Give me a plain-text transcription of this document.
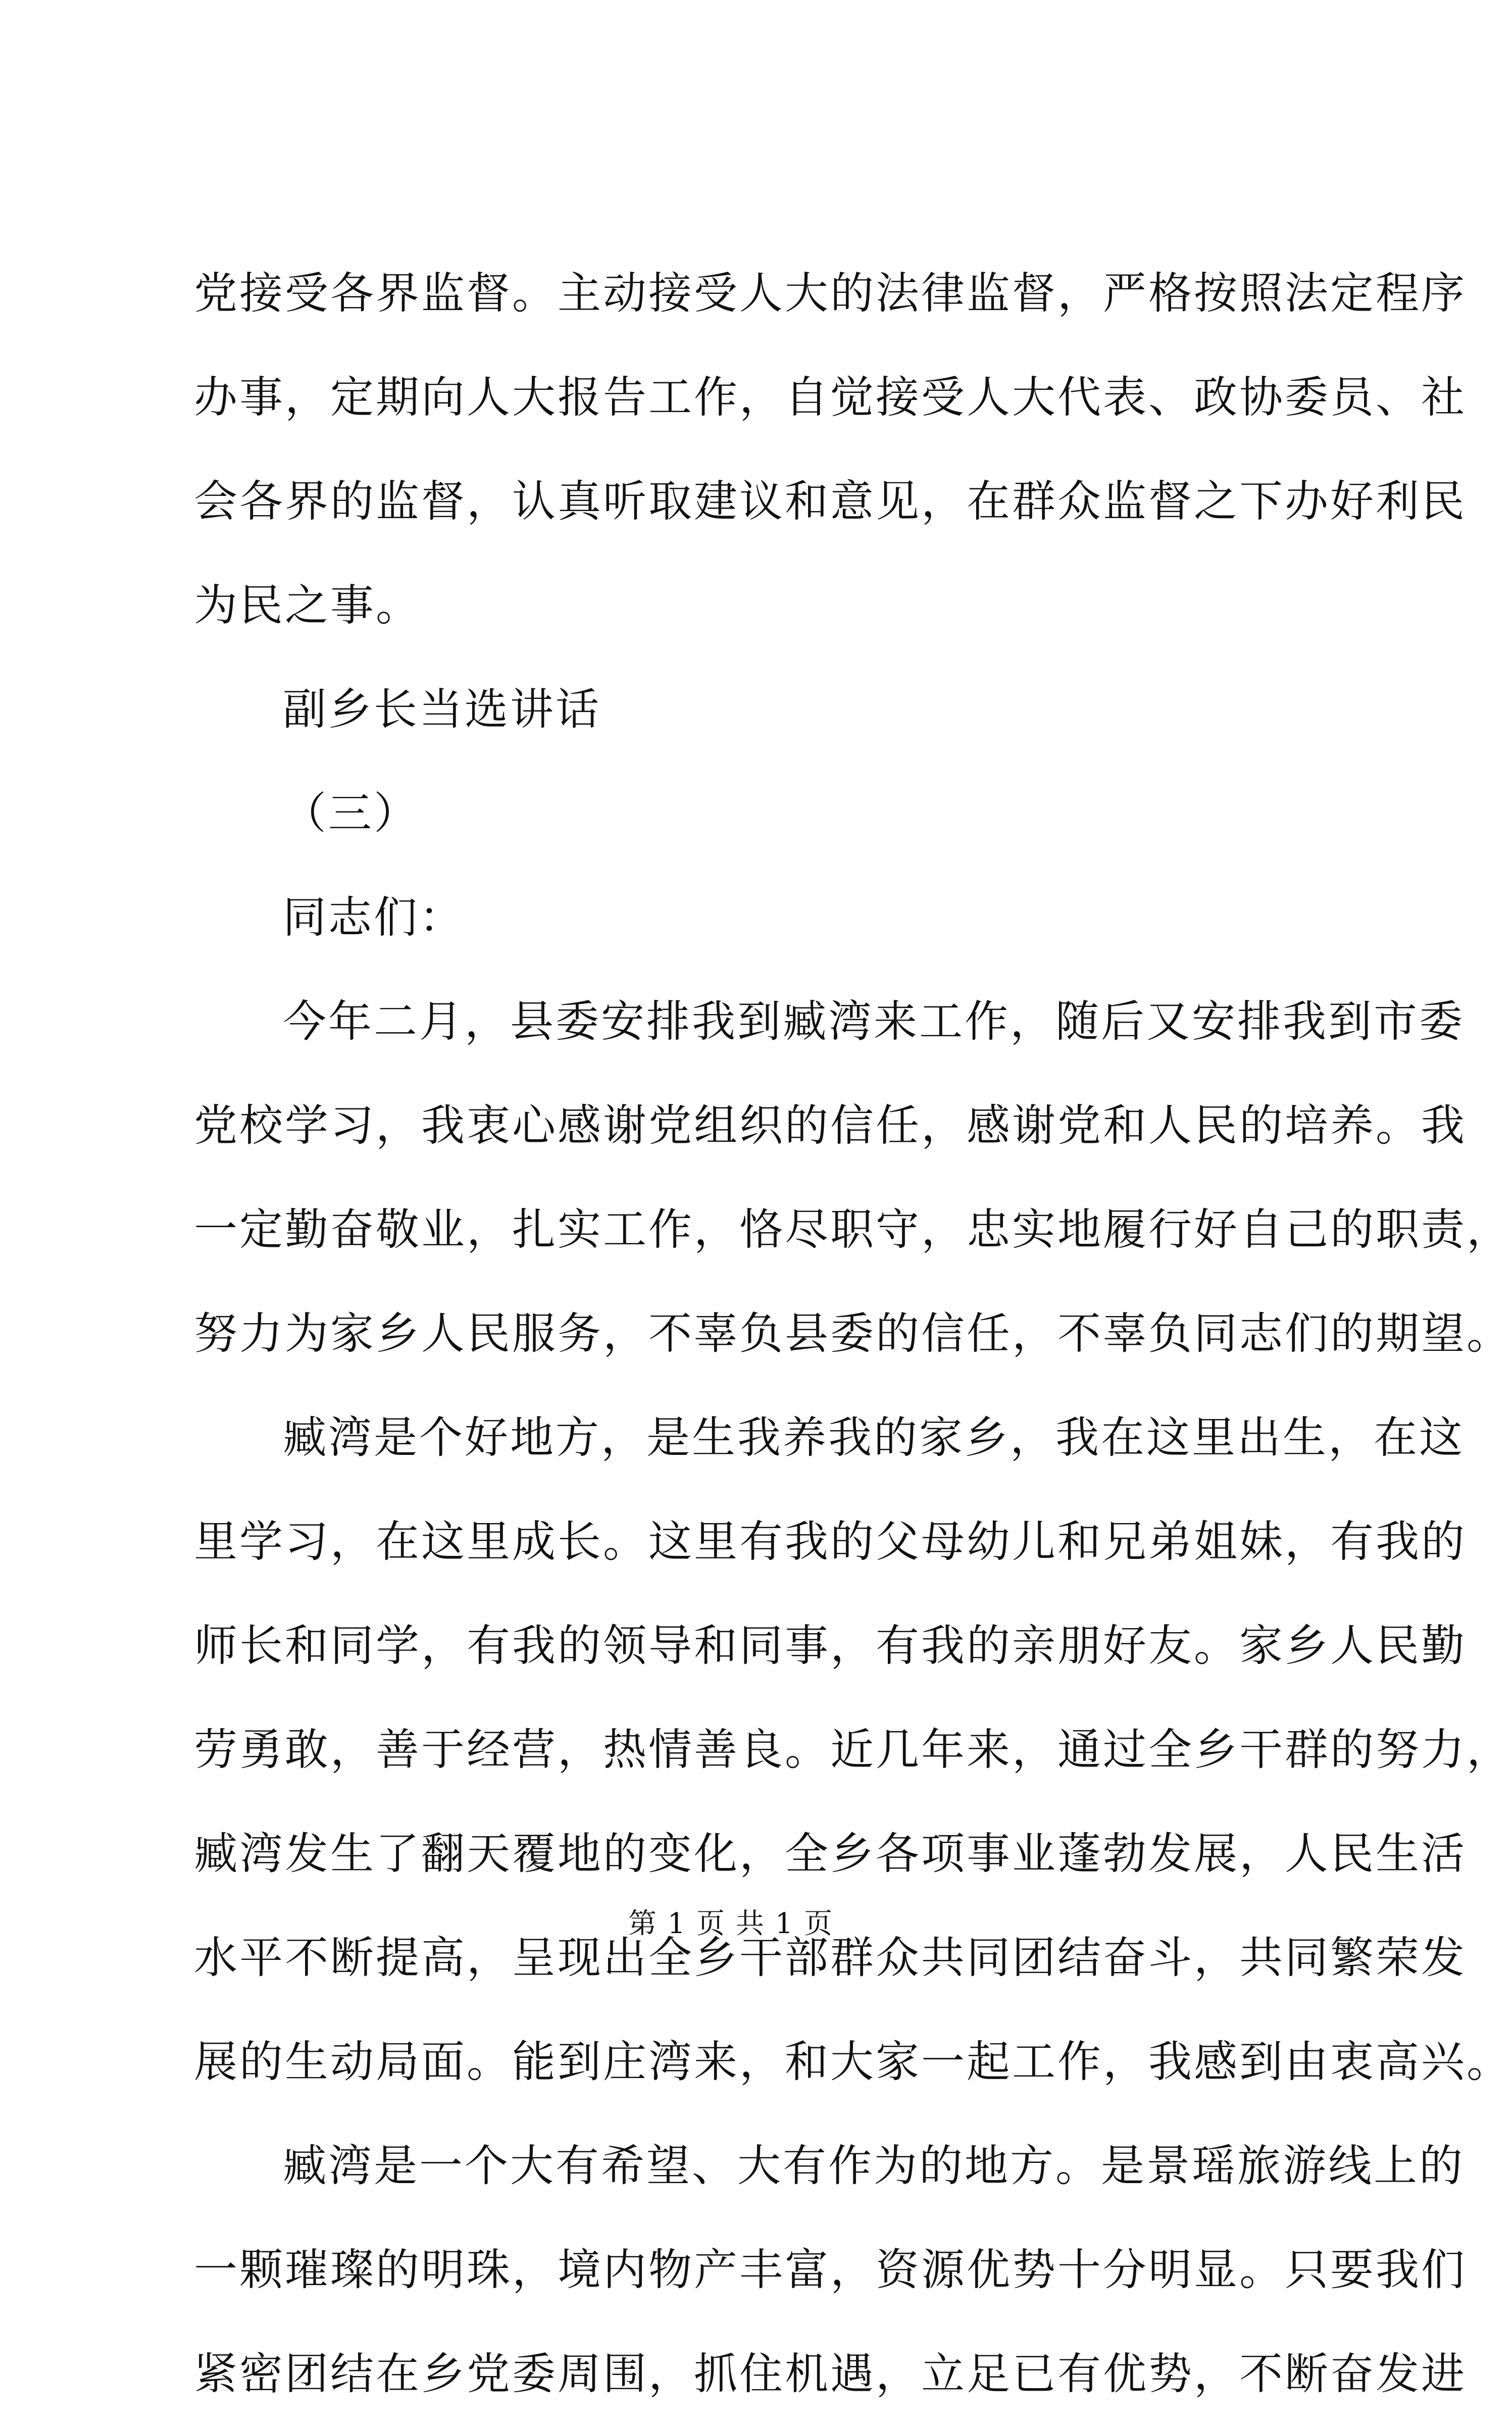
党接受各界监督。主动接受人大的法律监督，严格按照法定程序
办事，定期向人大报告工作，自觉接受人大代表、政协委员、社
会各界的监督，认真听取建议和意见，在群众监督之下办好利民
为民之事。
副乡长当选讲话
（三）
同志们：
今年二月，县委安排我到臧湾来工作，随后又安排我到市委
党校学习，我衷心感谢党组织的信任，感谢党和人民的培养。我
一定勤奋敬业，扎实工作，恪尽职守，忠实地履行好自己的职责，
努力为家乡人民服务，不辜负县委的信任，不辜负同志们的期望。
臧湾是个好地方，是生我养我的家乡，我在这里出生，在这
里学习，在这里成长。这里有我的父母幼儿和兄弟姐妹，有我的
师长和同学，有我的领导和同事，有我的亲朋好友。家乡人民勤
劳勇敢，善于经营，热情善良。近几年来，通过全乡干群的努力，
臧湾发生了翻天覆地的变化，全乡各项事业蓬勃发展，人民生活
水平不断提高，呈现出全乡干部群众共同团结奋斗，共同繁荣发
展的生动局面。能到庄湾来，和大家一起工作，我感到由衷高兴。
臧湾是一个大有希望、大有作为的地方。是景瑶旅游线上的
一颗璀璨的明珠，境内物产丰富，资源优势十分明显。只要我们
紧密团结在乡党委周围，抓住机遇，立足已有优势，不断奋发进
第 1 页 共 1 页
